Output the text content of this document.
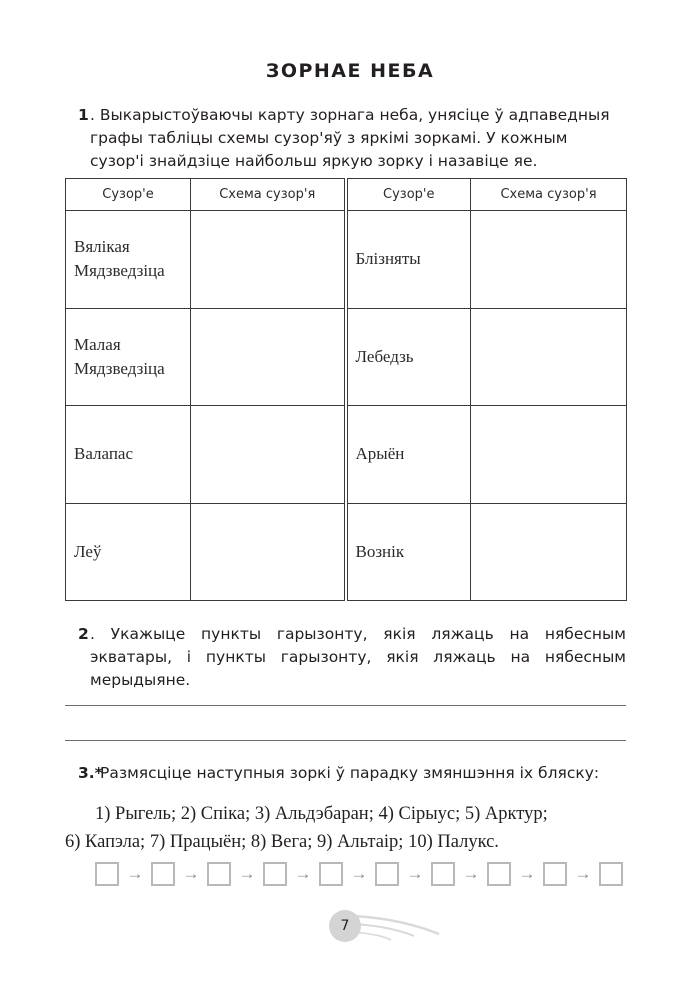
ЗОРНАЕ НЕБА
1 . Выкарыстоўваючы карту зорнага неба, унясіце ў адпаведныя графы табліцы схемы сузор'яў з яркімі зоркамі. У кожным сузор'і знайдзіце найбольш яркую зорку і назавіце яе.
Сузор'е	Схема сузор'я	Сузор'е	Схема сузор'я
Вялікая Мядзведзіца		Блізняты	
Малая Мядзведзіца		Лебедзь	
Валапас		Арыён	
Леў		Вознік	
2 . Укажыце пункты гарызонту, якія ляжаць на нябесным экватары, і пункты гарызонту, якія ляжаць на нябесным мерыдыяне.
3.*
Размясціце наступныя зоркі ў парадку змяншэння іх бляску:
1) Рыгель; 2) Спіка; 3) Альдэбаран; 4) Сірыус; 5) Арктур;
6) Капэла; 7) Працыён; 8) Вега; 9) Альтаір; 10) Палукс.
→	→	→	→	→	→	→	→	→
7
